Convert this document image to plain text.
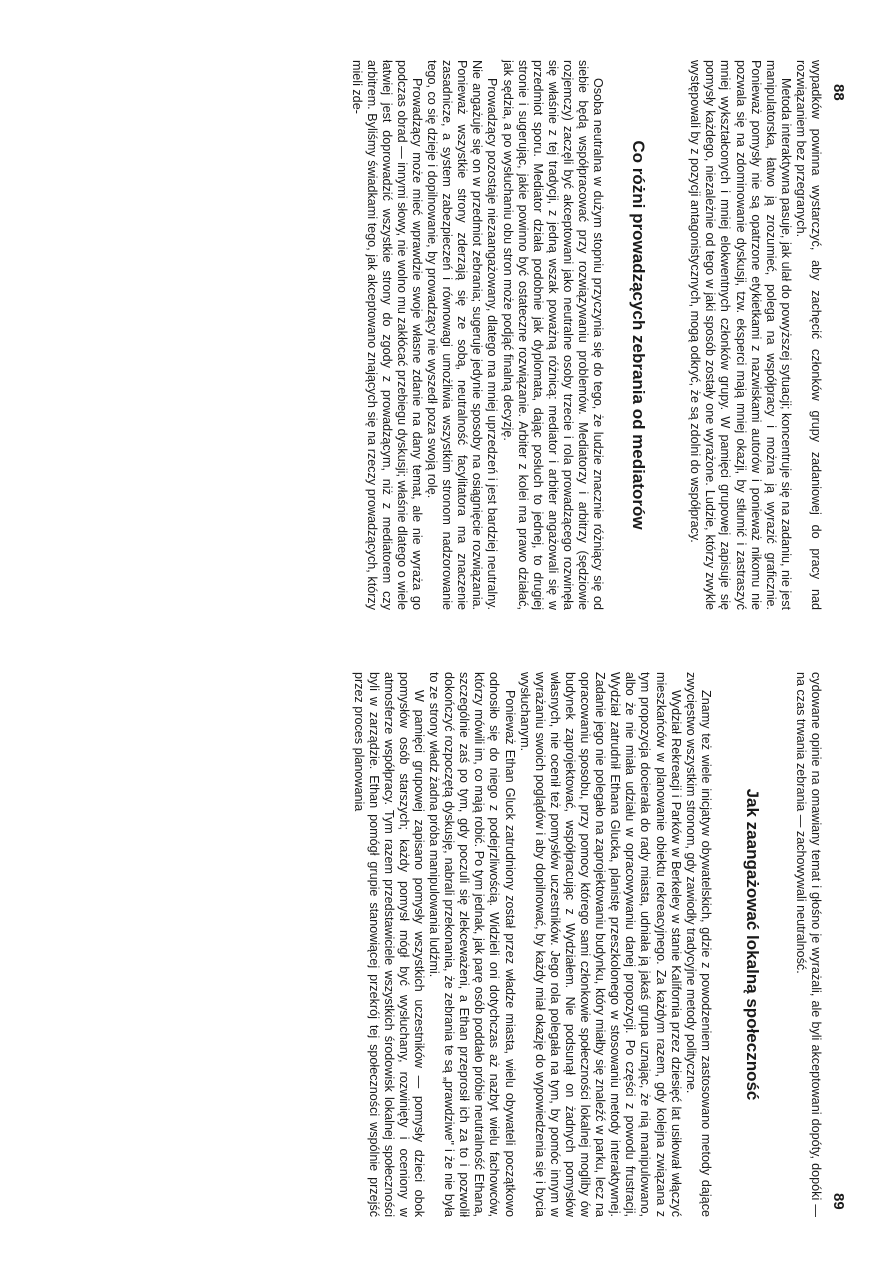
88

wypadków powinna wystarczyć, aby zachęcić członków grupy zadaniowej do pracy nad rozwiązaniem bez przegranych.

Metoda interaktywna pasuje, jak ulał do powyższej sytuacji; koncentruje się na zadaniu, nie jest manipulatorska, łatwo ją zrozumieć, polega na współpracy i można ją wyrazić graficznie. Ponieważ pomysły nie są opatrzone etykietkami z nazwiskami autorów i ponieważ nikomu nie pozwala się na zdominowanie dyskusji, tzw. eksperci mają mniej okazji, by stłumić i zastraszyć mniej wykształconych i mniej elokwentnych członków grupy. W pamięci grupowej zapisuje się pomysły każdego, niezależnie od tego w jaki sposób zostały one wyrażone. Ludzie, którzy zwykle występowali by z pozycji antagonistycznych, mogą odkryć, że są zdolni do współpracy.

Co różni prowadzących zebrania od mediatorów

Osoba neutralna w dużym stopniu przyczynia się do tego, że ludzie znacznie różniący się od siebie będą współpracować przy rozwiązywaniu problemów. Mediatorzy i arbitrzy (sędziowie rozjemczy) zaczęli być akceptowani jako neutralne osoby trzecie i rola prowadzącego rozwinęła się właśnie z tej tradycji, z jedną wszak poważną różnicą: mediator i arbiter angażowali się w przedmiot sporu. Mediator działa podobnie jak dyplomata, dając posłuch to jednej, to drugiej stronie i sugerując, jakie powinno być ostateczne rozwiązanie. Arbiter z kolei ma prawo działać, jak sędzia, a po wysłuchaniu obu stron może podjąć finalną decyzję.

Prowadzący pozostaje niezaangażowany, dlatego ma mniej uprzedzeń i jest bardziej neutralny. Nie angażuje się on w przedmiot zebrania; sugeruje jedynie sposoby na osiągnięcie rozwiązania. Ponieważ wszystkie strony zderzają się ze sobą, neutralność facylitatora ma znaczenie zasadnicze, a system zabezpieczeń i równowagi umożliwia wszystkim stronom nadzorowanie tego, co się dzieje i dopilnowanie, by prowadzący nie wyszedł poza swoją rolę.

Prowadzący może mieć wprawdzie swoje własne zdanie na dany temat, ale nie wyraża go podczas obrad — innymi słowy, nie wolno mu zakłócać przebiegu dyskusji; właśnie dlatego o wiele łatwiej jest doprowadzić wszystkie strony do zgody z prowadzącym, niż z mediatorem czy arbitrem. Byliśmy świadkami tego, jak akceptowano znających się na rzeczy prowadzących, którzy mieli zde-

89

cydowane opinie na omawiany temat i głośno je wyrażali, ale byli akceptowani dopóty, dopóki — na czas trwania zebrania — zachowywali neutralność.

Jak zaangażować lokalną społeczność

Znamy też wiele inicjatyw obywatelskich, gdzie z powodzeniem zastosowano metody dające zwycięstwo wszystkim stronom, gdy zawiodły tradycyjne metody polityczne.

Wydział Rekreacji i Parków w Berkeley w stanie Kalifornia przez dziesięć lat usiłował włączyć mieszkańców w planowanie obiektu rekreacyjnego. Za każdym razem, gdy kolejna związana z tym propozycja docierała do rady miasta, udniała ją jakaś grupa uznając, że nią manipulowano, albo że nie miała udziału w opracowywaniu danej propozycji. Po części z powodu frustracji, Wydział zatrudnił Ethana Glucka, planistę przeszkolonego w stosowaniu metody interaktywnej. Zadanie jego nie polegało na zaprojektowaniu budynku, który miałby się znaleźć w parku, lecz na opracowaniu sposobu, przy pomocy którego sami członkowie społeczności lokalnej mogliby ów budynek zaprojektować, współpracując z Wydziałem. Nie podsunął on żadnych pomysłów własnych, nie ocenił też pomysłów uczestników. Jego rola polegała na tym, by pomóc innym w wyrażaniu swoich poglądów i aby dopilnować, by każdy miał okazję do wypowiedzenia się i bycia wysłuchanym.

Ponieważ Ethan Gluck zatrudniony został przez władze miasta, wielu obywateli początkowo odnosiło się do niego z podejrzliwością. Widzieli oni dotychczas aż nazbyt wielu fachowców, którzy mówili im, co mają robić. Po tym jednak, jak parę osób poddało próbie neutralność Ethana, szczególnie zaś po tym, gdy poczuli się zlekceważeni, a Ethan przeprosił ich za to i pozwolił dokończyć rozpoczętą dyskusję, nabrali przekonania, że zebrania te są „prawdziwe" i że nie była to ze strony władz żadna próba manipulowania ludźmi.

W pamięci grupowej zapisano pomysły wszystkich uczestników — pomysły dzieci obok pomysłów osób starszych; każdy pomysł mógł być wysłuchany, rozwinięty i oceniony w atmosferze współpracy. Tym razem przedstawiciele wszystkich środowisk lokalnej społeczności byli w zarządzie. Ethan pomógł grupie stanowiącej przekrój tej społeczności wspólnie przejść przez proces planowania
